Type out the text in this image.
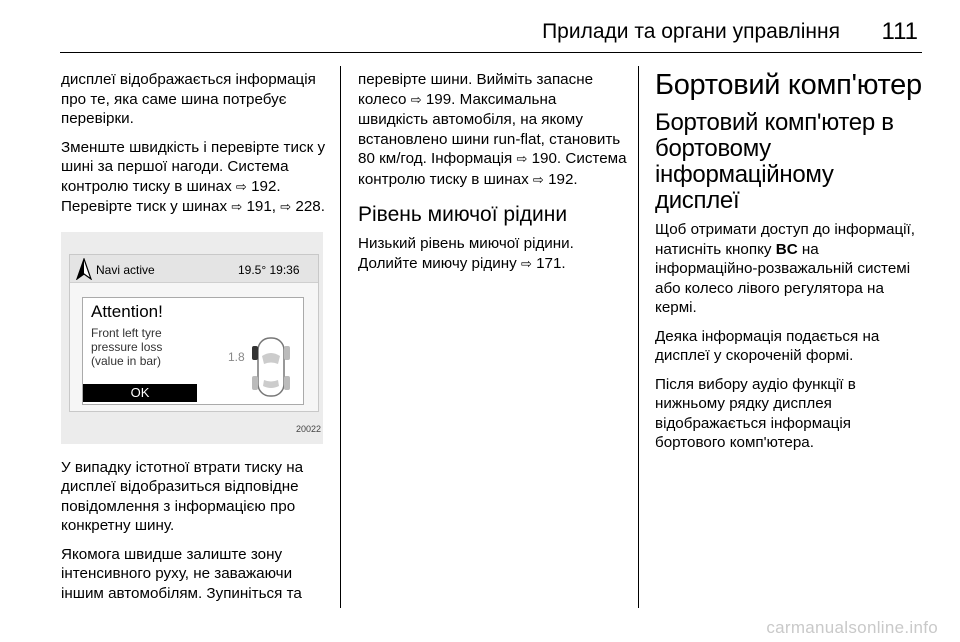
Прилади та органи управління 111

дисплеї відображається інформація про те, яка саме шина потребує перевірки.

Зменште швидкість і перевірте тиск у шині за першої нагоди. Система контролю тиску в шинах ⇨ 192. Перевірте тиск у шинах ⇨ 191, ⇨ 228.

Navi active	19.5° 19:36
Attention!
Front left tyre
pressure loss
(value in bar)	1.8
OK
20022

У випадку істотної втрати тиску на дисплеї відобразиться відповідне повідомлення з інформацією про конкретну шину.

Якомога швидше залиште зону інтенсивного руху, не заважаючи іншим автомобілям. Зупиніться та

перевірте шини. Вийміть запасне колесо ⇨ 199. Максимальна швидкість автомобіля, на якому встановлено шини run-flat, становить 80 км/год. Інформація ⇨ 190. Система контролю тиску в шинах ⇨ 192.

Рівень миючої рідини

Низький рівень миючої рідини. Долийте миючу рідину ⇨ 171.

Бортовий комп'ютер
Бортовий комп'ютер в бортовому інформаційному дисплеї

Щоб отримати доступ до інформації, натисніть кнопку BC на інформаційно-розважальній системі або колесо лівого регулятора на кермі.

Деяка інформація подається на дисплеї у скороченій формі.

Після вибору аудіо функції в нижньому рядку дисплея відображається інформація бортового комп'ютера.

carmanualsonline.info
